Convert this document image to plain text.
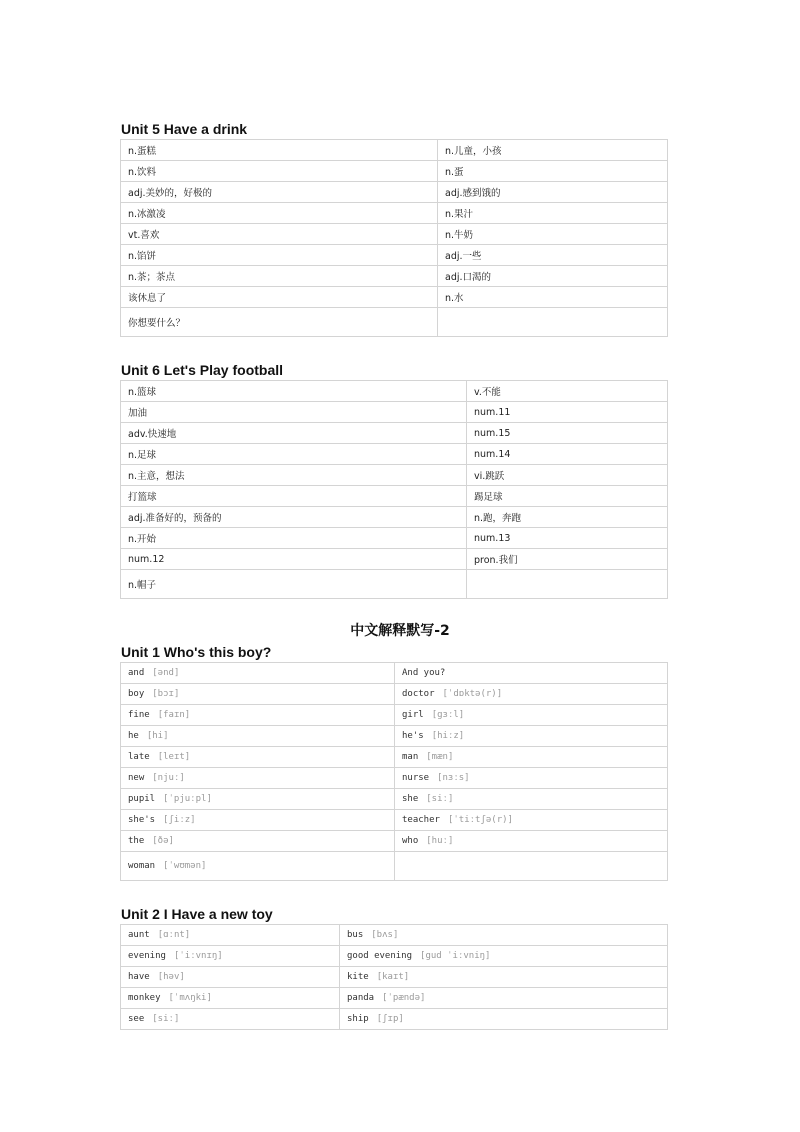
Unit 5 Have a drink
n.蛋糕	n.儿童，小孩
n.饮料	n.蛋
adj.美妙的，好极的	adj.感到饿的
n.冰激凌	n.果汁
vt.喜欢	n.牛奶
n.馅饼	adj.一些
n.茶；茶点	adj.口渴的
该休息了	n.水
你想要什么？	
Unit 6 Let's Play football
n.篮球	v.不能
加油	num.11
adv.快速地	num.15
n.足球	num.14
n.主意，想法	vi.跳跃
打篮球	踢足球
adj.准备好的，预备的	n.跑，奔跑
n.开始	num.13
num.12	pron.我们
n.帽子	
中文解释默写-2
Unit 1 Who's this boy?
and [ənd]	And you?
boy [bɔɪ]	doctor [ˈdɒktə(r)]
fine [faɪn]	girl [gɜːl]
he [hi]	he's [hiːz]
late [leɪt]	man [mæn]
new [njuː]	nurse [nɜːs]
pupil [ˈpjuːpl]	she [siː]
she's [ʃiːz]	teacher [ˈtiːtʃə(r)]
the [ðə]	who [huː]
woman [ˈwʊmən]	
Unit 2 I Have a new toy
aunt [ɑːnt]	bus [bʌs]
evening [ˈiːvnɪŋ]	good evening [gud ˈiːvniŋ]
have [həv]	kite [kaɪt]
monkey [ˈmʌŋki]	panda [ˈpændə]
see [siː]	ship [ʃɪp]
